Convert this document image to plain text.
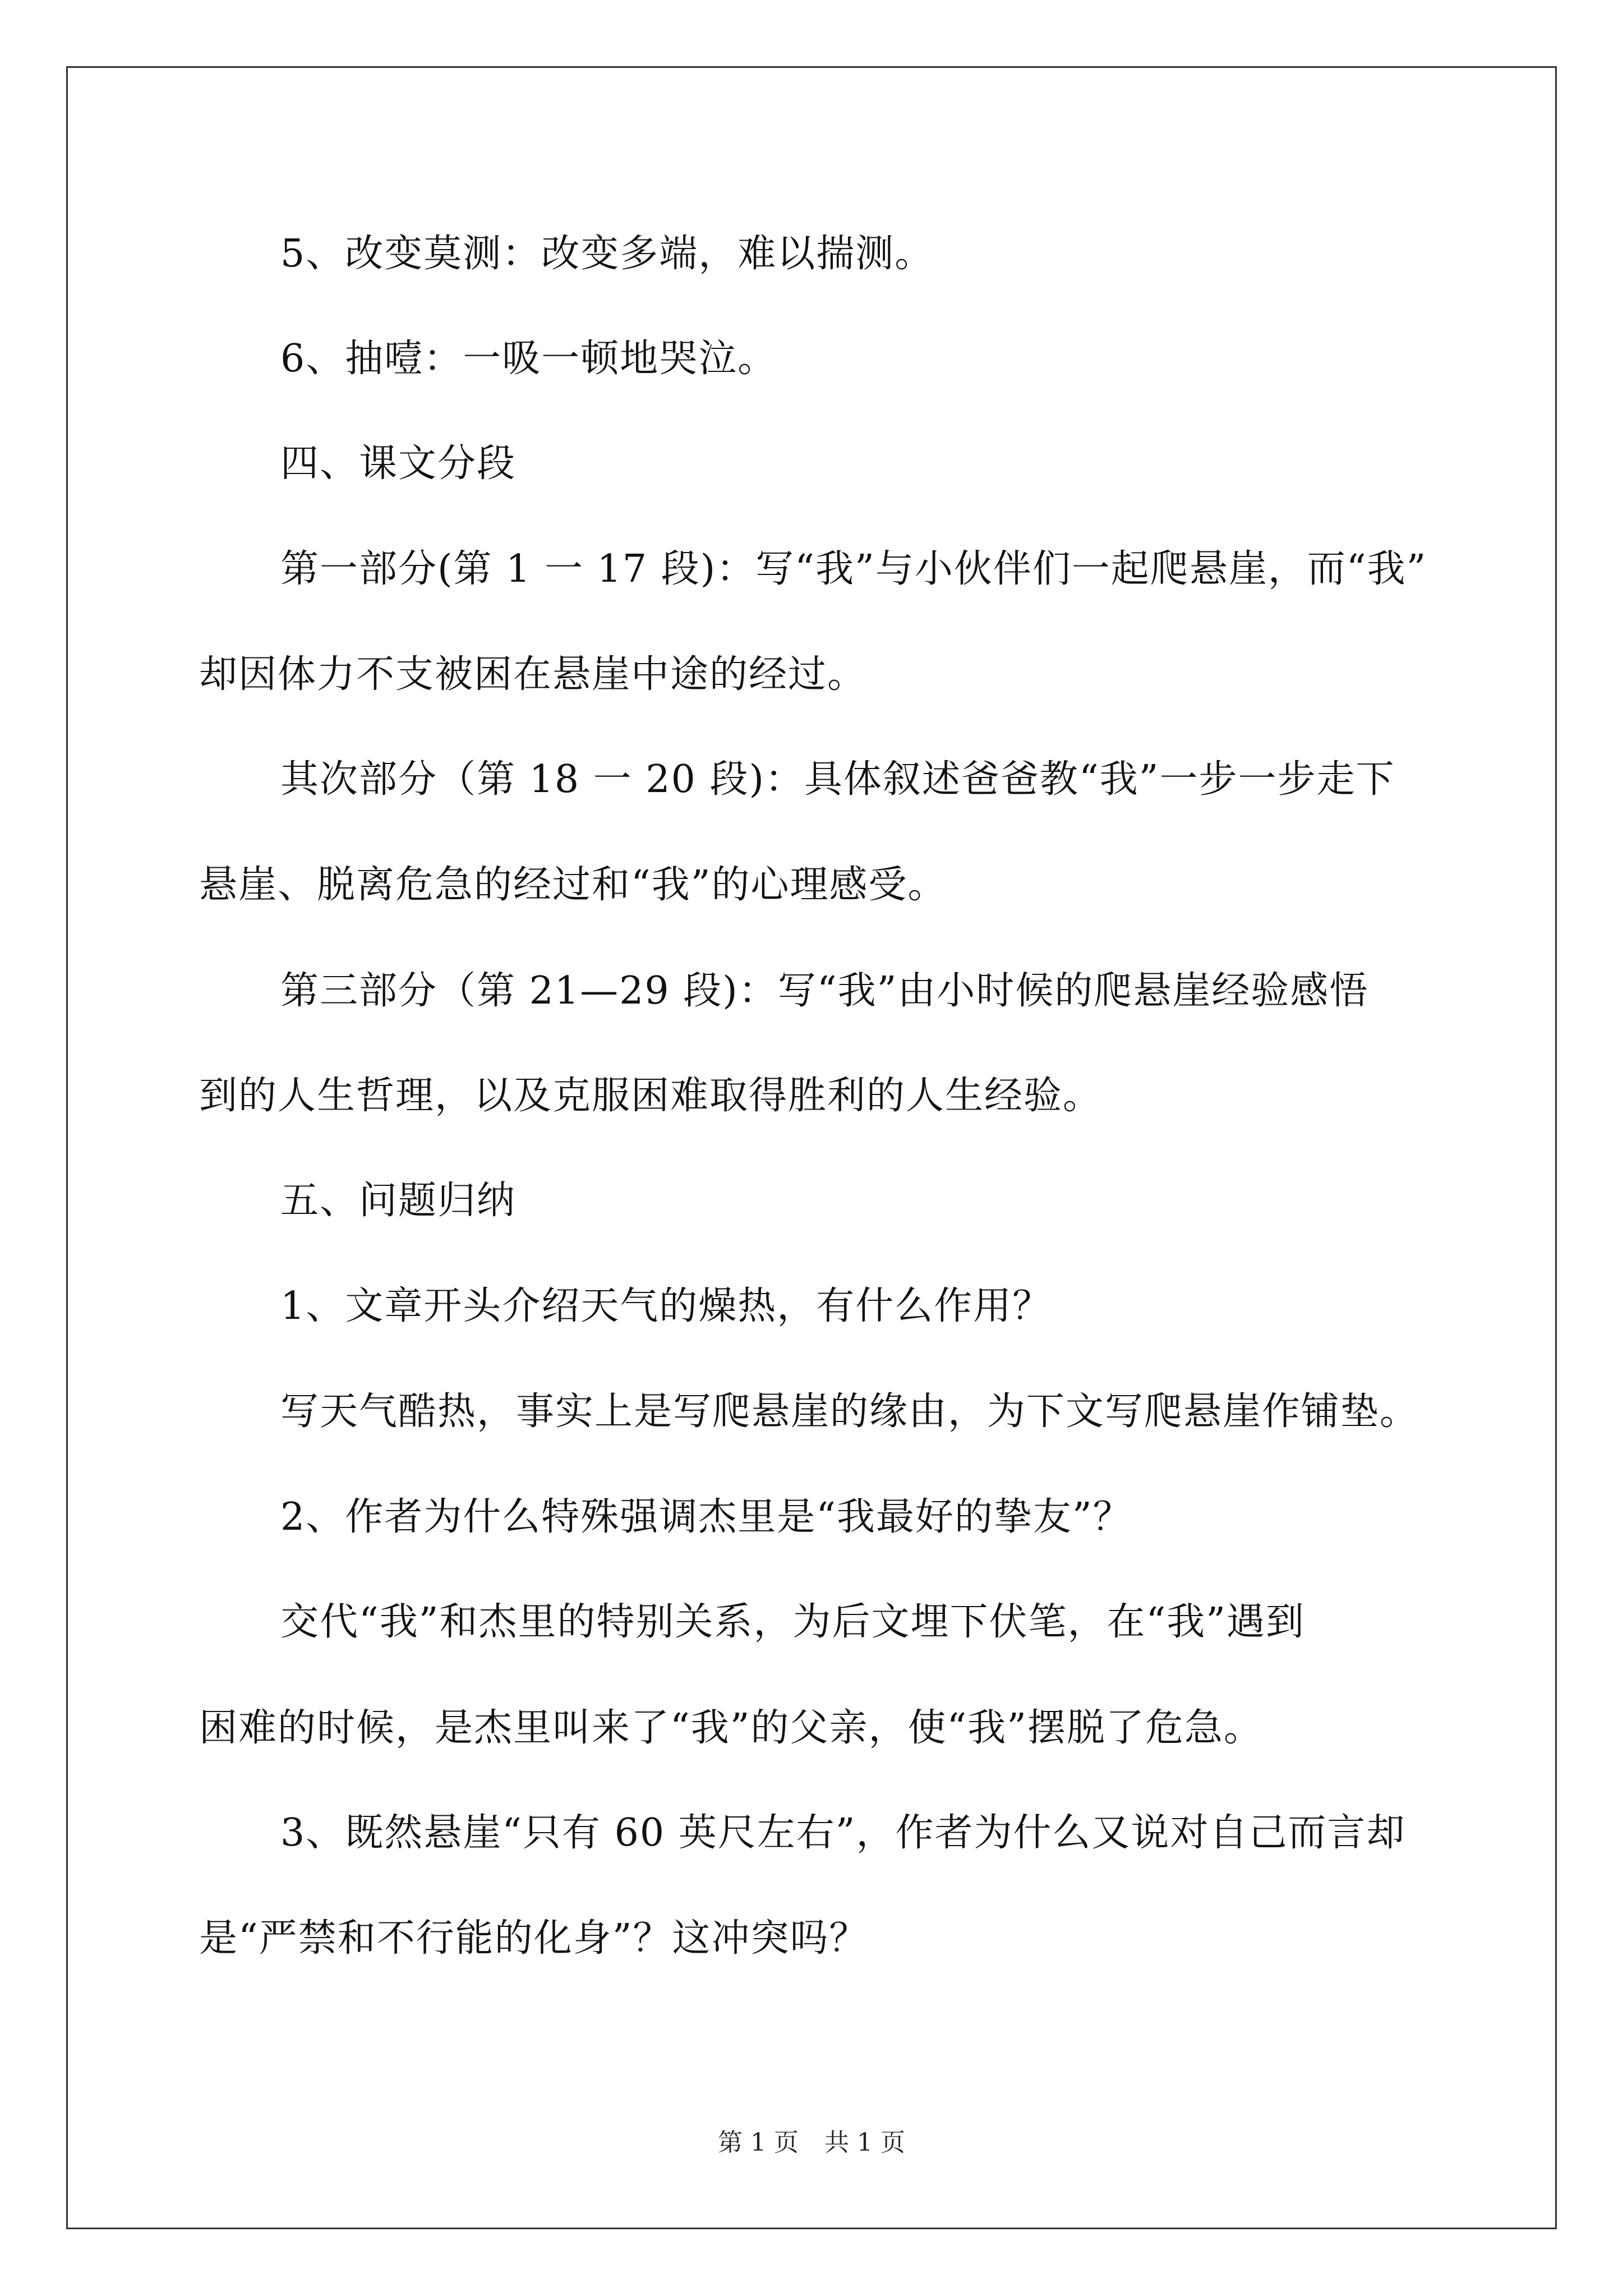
5、改变莫测：改变多端，难以揣测。
6、抽噎：一吸一顿地哭泣。
四、课文分段
第一部分(第 1 一 17 段)：写“我”与小伙伴们一起爬悬崖，而“我”
却因体力不支被困在悬崖中途的经过。
其次部分（第 18 一 20 段)：具体叙述爸爸教“我”一步一步走下
悬崖、脱离危急的经过和“我”的心理感受。
第三部分（第 21—29 段)：写“我”由小时候的爬悬崖经验感悟
到的人生哲理，以及克服困难取得胜利的人生经验。
五、问题归纳
1、文章开头介绍天气的燥热，有什么作用？
写天气酷热，事实上是写爬悬崖的缘由，为下文写爬悬崖作铺垫。
2、作者为什么特殊强调杰里是“我最好的挚友”？
交代“我”和杰里的特别关系，为后文埋下伏笔，在“我”遇到
困难的时候，是杰里叫来了“我”的父亲，使“我”摆脱了危急。
3、既然悬崖“只有 60 英尺左右”，作者为什么又说对自己而言却
是“严禁和不行能的化身”？这冲突吗？
第 1 页 共 1 页
